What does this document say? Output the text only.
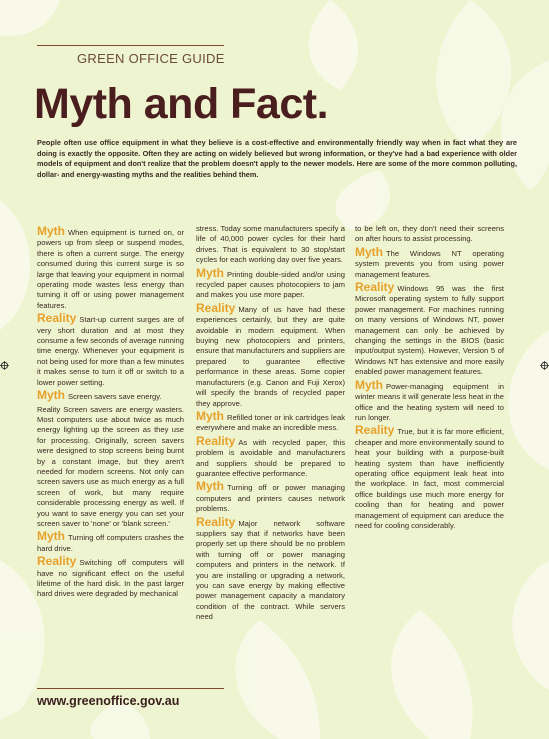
GREEN OFFICE GUIDE
Myth and Fact.
People often use office equipment in what they believe is a cost-effective and environmentally friendly way when in fact what they are doing is exactly the opposite. Often they are acting on widely believed but wrong information, or they've had a bad experience with older models of equipment and don't realize that the problem doesn't apply to the newer models. Here are some of the more common polluting, dollar- and energy-wasting myths and the realities behind them.

Myth When equipment is turned on, or powers up from sleep or suspend modes, there is often a current surge. The energy consumed during this current surge is so large that leaving your equipment in normal operating mode wastes less energy than turning it off or using power management features.

Reality Start-up current surges are of very short duration and at most they consume a few seconds of average running time energy. Whenever your equipment is not being used for more than a few minutes it makes sense to turn it off or switch to a lower power setting.

Myth Screen savers save energy.

Reality Screen savers are energy wasters. Most computers use about twice as much energy lighting up the screen as they use for processing. Originally, screen savers were designed to stop screens being burnt by a constant image, but they aren't needed for modern screens. Not only can screen savers use as much energy as a full screen of work, but many require considerable processing energy as well. If you want to save energy you can set your screen saver to 'none' or 'blank screen.'

Myth Turning off computers crashes the hard drive.

Reality Switching off computers will have no significant effect on the useful lifetime of the hard disk. In the past larger hard drives were degraded by mechanical

stress. Today some manufacturers specify a life of 40,000 power cycles for their hard drives. That is equivalent to 30 stop/start cycles for each working day over five years.

Myth Printing double-sided and/or using recycled paper causes photocopiers to jam and makes you use more paper.

Reality Many of us have had these experiences certainly, but they are quite avoidable in modern equipment. When buying new photocopiers and printers, ensure that manufacturers and suppliers are prepared to guarantee effective performance in these areas. Some copier manufacturers (e.g. Canon and Fuji Xerox) will specify the brands of recycled paper they approve.

Myth Refilled toner or ink cartridges leak everywhere and make an incredible mess.

Reality As with recycled paper, this problem is avoidable and manufacturers and suppliers should be prepared to guarantee effective performance.

Myth Turning off or power managing computers and printers causes network problems.

Reality Major network software suppliers say that if networks have been properly set up there should be no problem with turning off or power managing computers and printers in the network. If you are installing or upgrading a network, you can save energy by making effective power management capacity a mandatory condition of the contract. While servers need

to be left on, they don't need their screens on after hours to assist processing.

Myth The Windows NT operating system prevents you from using power management features.

Reality Windows 95 was the first Microsoft operating system to fully support power management. For machines running on many versions of Windows NT, power management can only be achieved by changing the settings in the BIOS (basic input/output system). However, Version 5 of Windows NT has extensive and more easily enabled power management features.

Myth Power-managing equipment in winter means it will generate less heat in the office and the heating system will need to run longer.

Reality True, but it is far more efficient, cheaper and more environmentally sound to heat your building with a purpose-built heating system than have inefficiently operating office equipment leak heat into the workplace. In fact, most commercial office buildings use much more energy for cooling than for heating and power management of equipment can areduce the need for cooling considerably.

www.greenoffice.gov.au
